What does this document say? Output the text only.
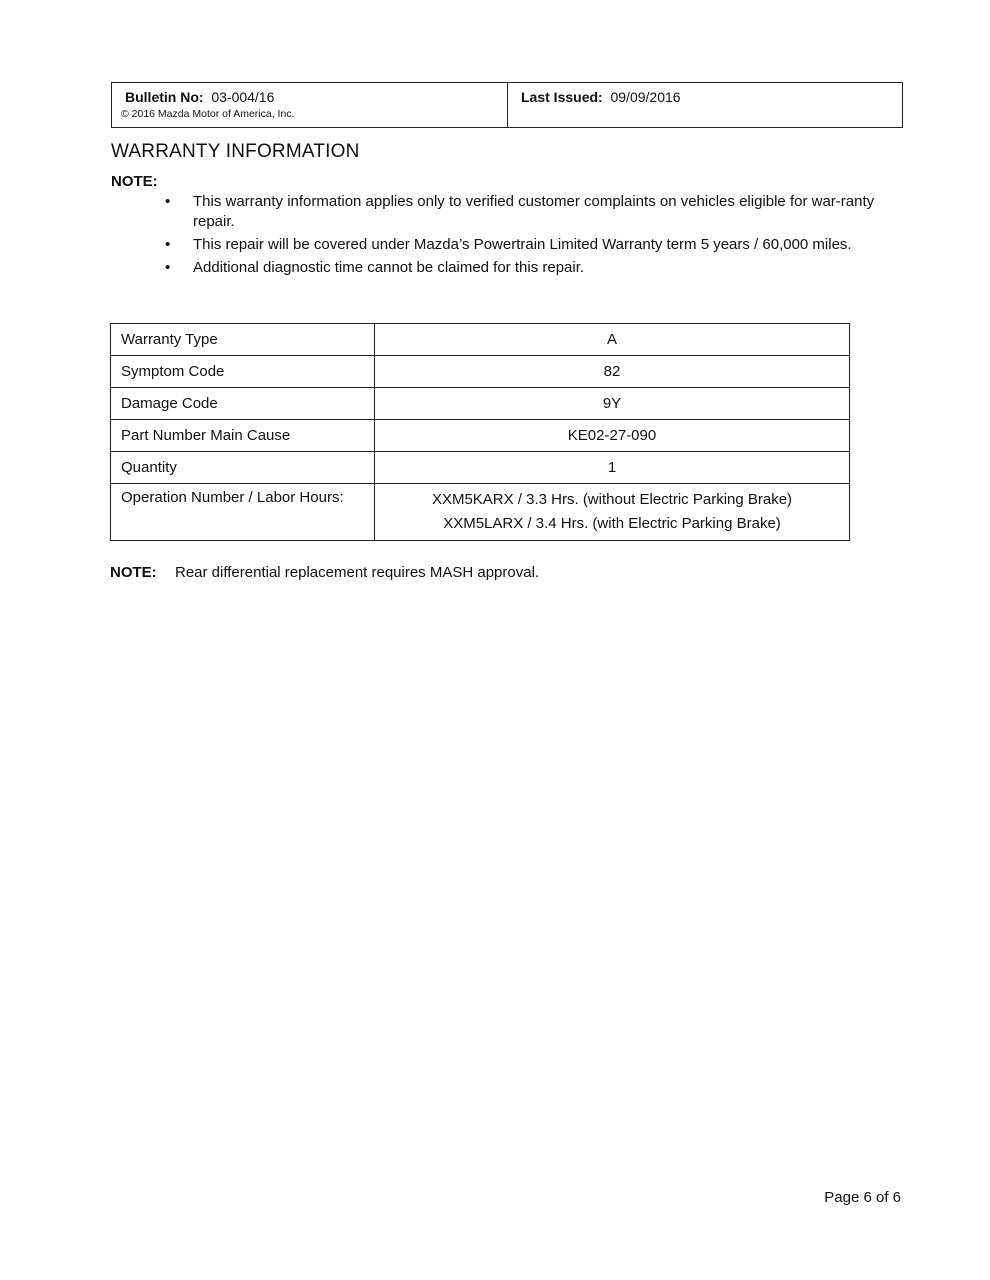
Bulletin No: 03-004/16
© 2016 Mazda Motor of America, Inc.
Last Issued: 09/09/2016
WARRANTY INFORMATION
NOTE:
• This warranty information applies only to verified customer complaints on vehicles eligible for war-ranty repair.
• This repair will be covered under Mazda’s Powertrain Limited Warranty term 5 years / 60,000 miles.
• Additional diagnostic time cannot be claimed for this repair.
Warranty Type	A
Symptom Code	82
Damage Code	9Y
Part Number Main Cause	KE02-27-090
Quantity	1
Operation Number / Labor Hours:	XXM5KARX / 3.3 Hrs. (without Electric Parking Brake)
XXM5LARX / 3.4 Hrs. (with Electric Parking Brake)
NOTE: Rear differential replacement requires MASH approval.
Page 6 of 6
